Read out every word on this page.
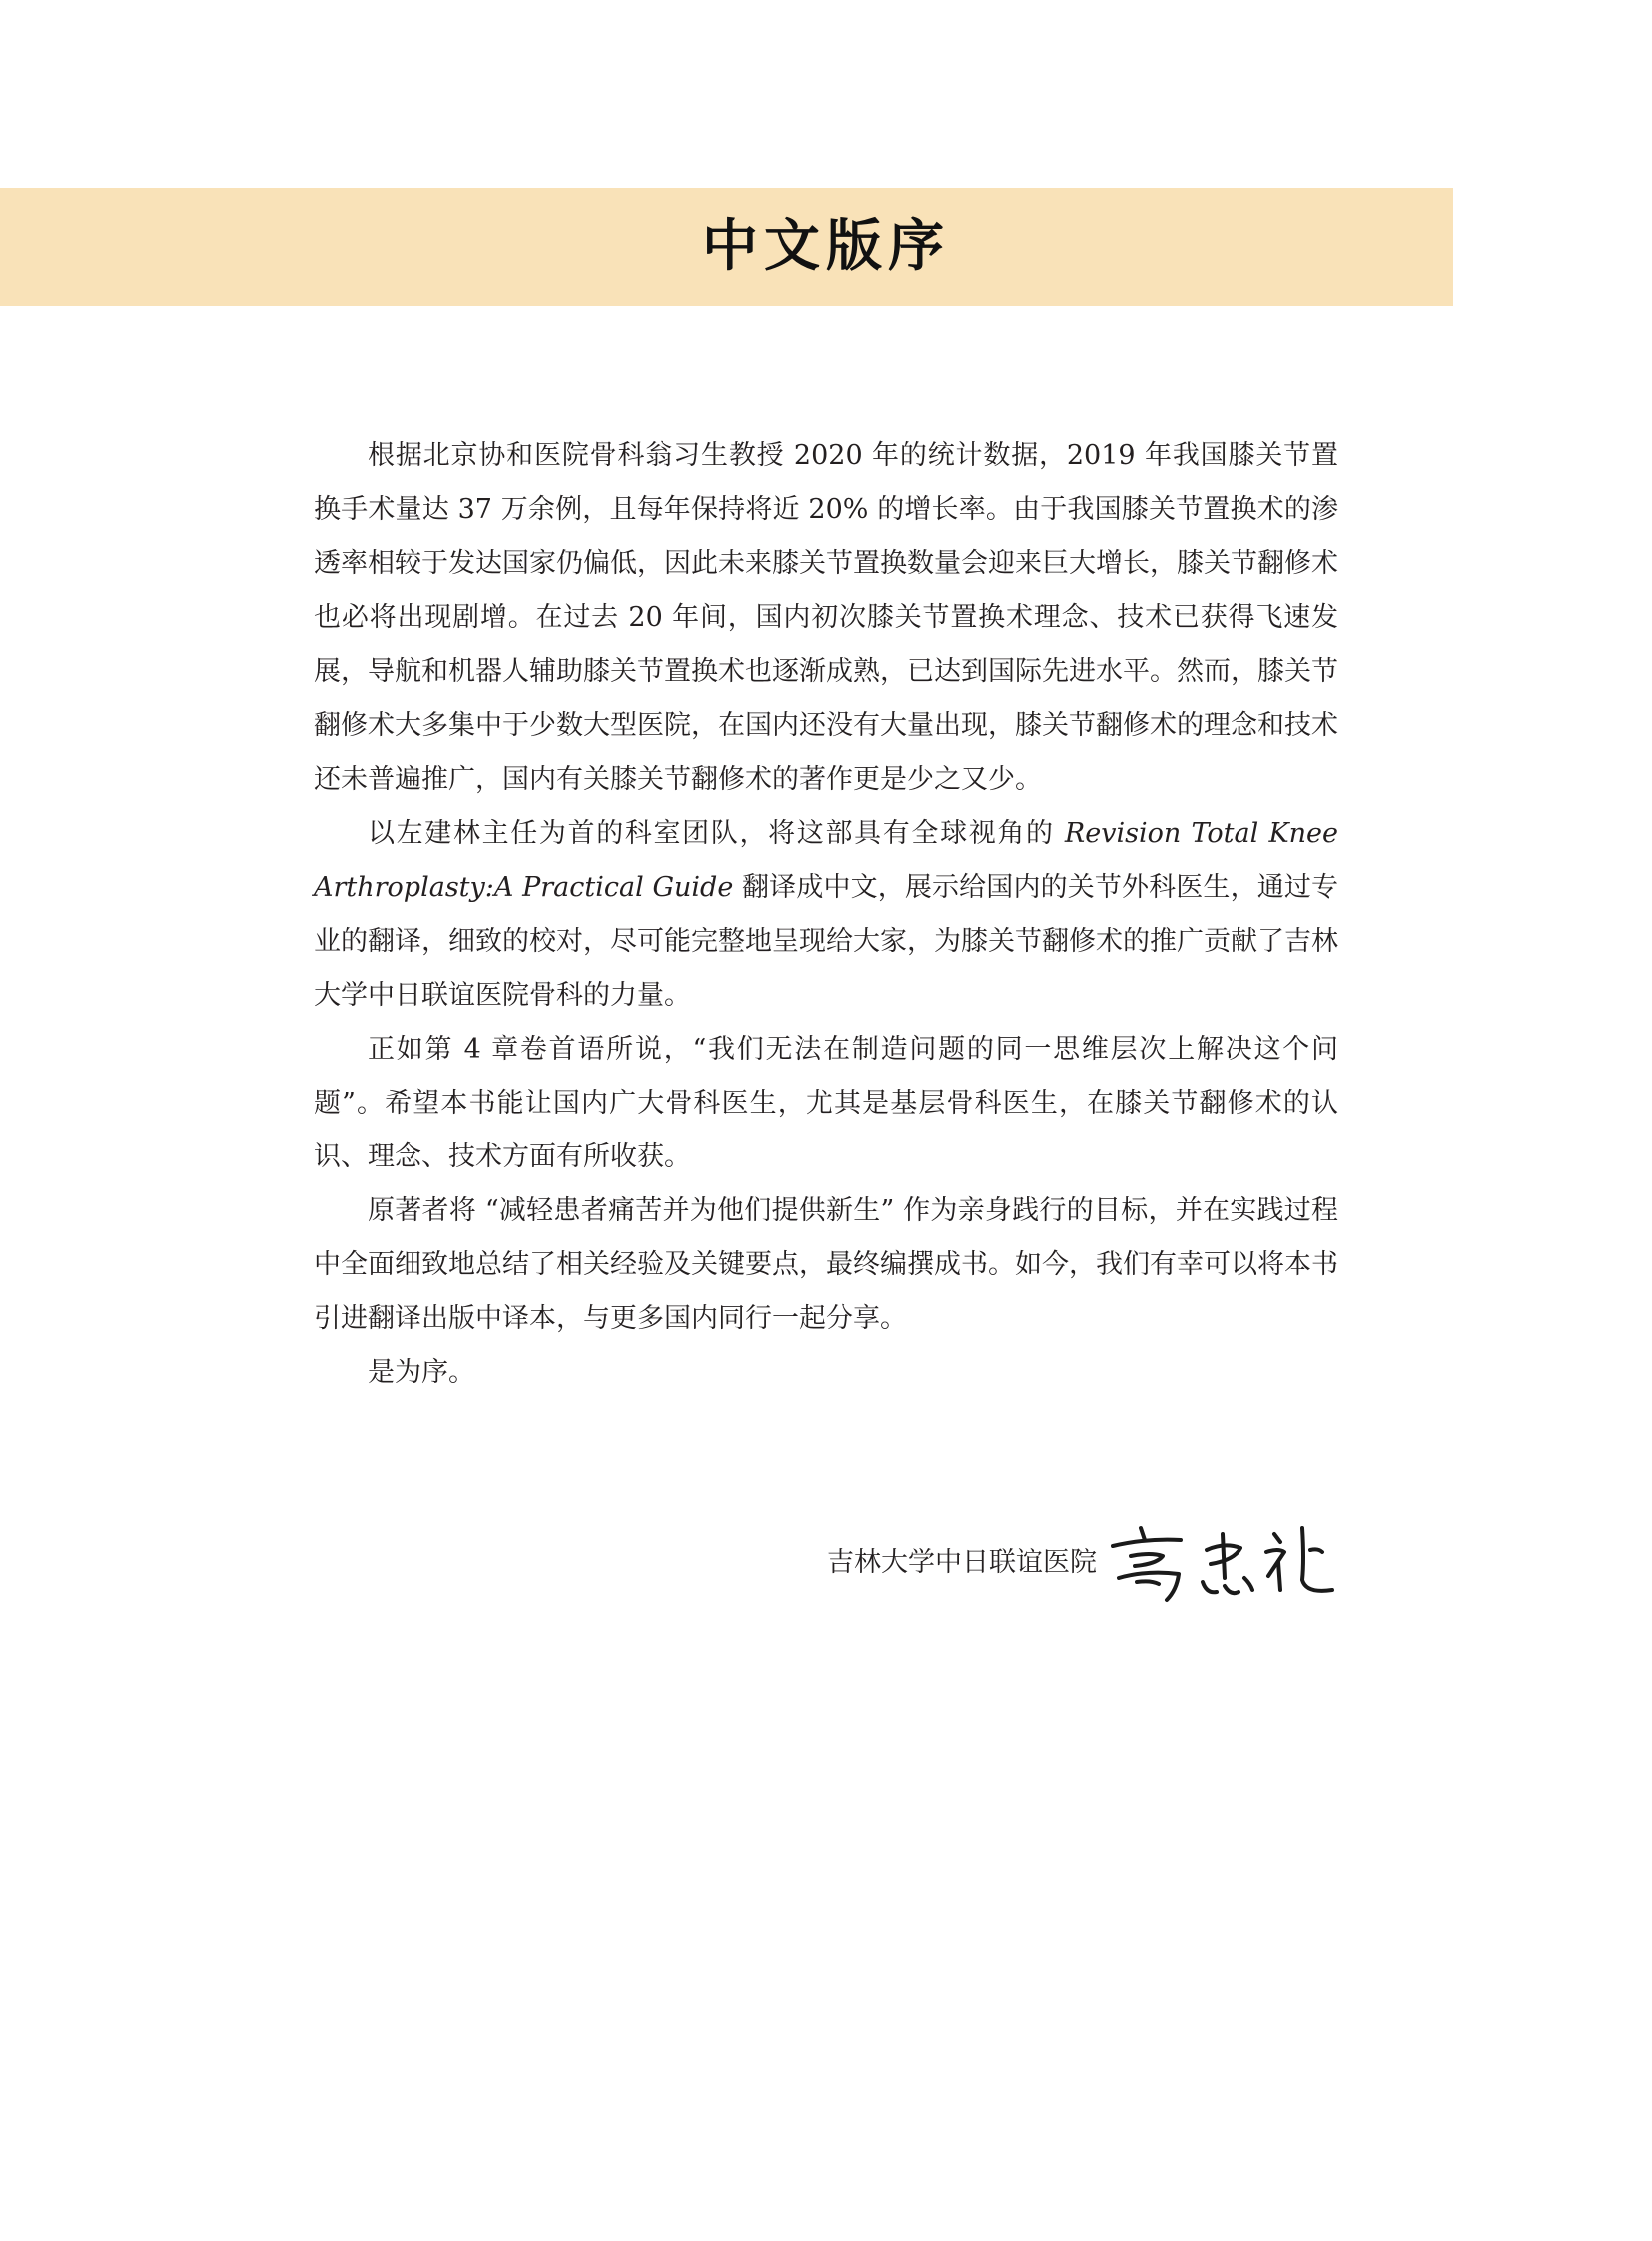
中文版序

根据北京协和医院骨科翁习生教授 2020 年的统计数据，2019 年我国膝关节置换手术量达 37 万余例，且每年保持将近 20% 的增长率。由于我国膝关节置换术的渗透率相较于发达国家仍偏低，因此未来膝关节置换数量会迎来巨大增长，膝关节翻修术也必将出现剧增。在过去 20 年间，国内初次膝关节置换术理念、技术已获得飞速发展，导航和机器人辅助膝关节置换术也逐渐成熟，已达到国际先进水平。然而，膝关节翻修术大多集中于少数大型医院，在国内还没有大量出现，膝关节翻修术的理念和技术还未普遍推广，国内有关膝关节翻修术的著作更是少之又少。

以左建林主任为首的科室团队，将这部具有全球视角的 Revision Total Knee Arthroplasty:A Practical Guide 翻译成中文，展示给国内的关节外科医生，通过专业的翻译，细致的校对，尽可能完整地呈现给大家，为膝关节翻修术的推广贡献了吉林大学中日联谊医院骨科的力量。

正如第 4 章卷首语所说，“我们无法在制造问题的同一思维层次上解决这个问题”。希望本书能让国内广大骨科医生，尤其是基层骨科医生，在膝关节翻修术的认识、理念、技术方面有所收获。

原著者将 “减轻患者痛苦并为他们提供新生” 作为亲身践行的目标，并在实践过程中全面细致地总结了相关经验及关键要点，最终编撰成书。如今，我们有幸可以将本书引进翻译出版中译本，与更多国内同行一起分享。

是为序。

吉林大学中日联谊医院
